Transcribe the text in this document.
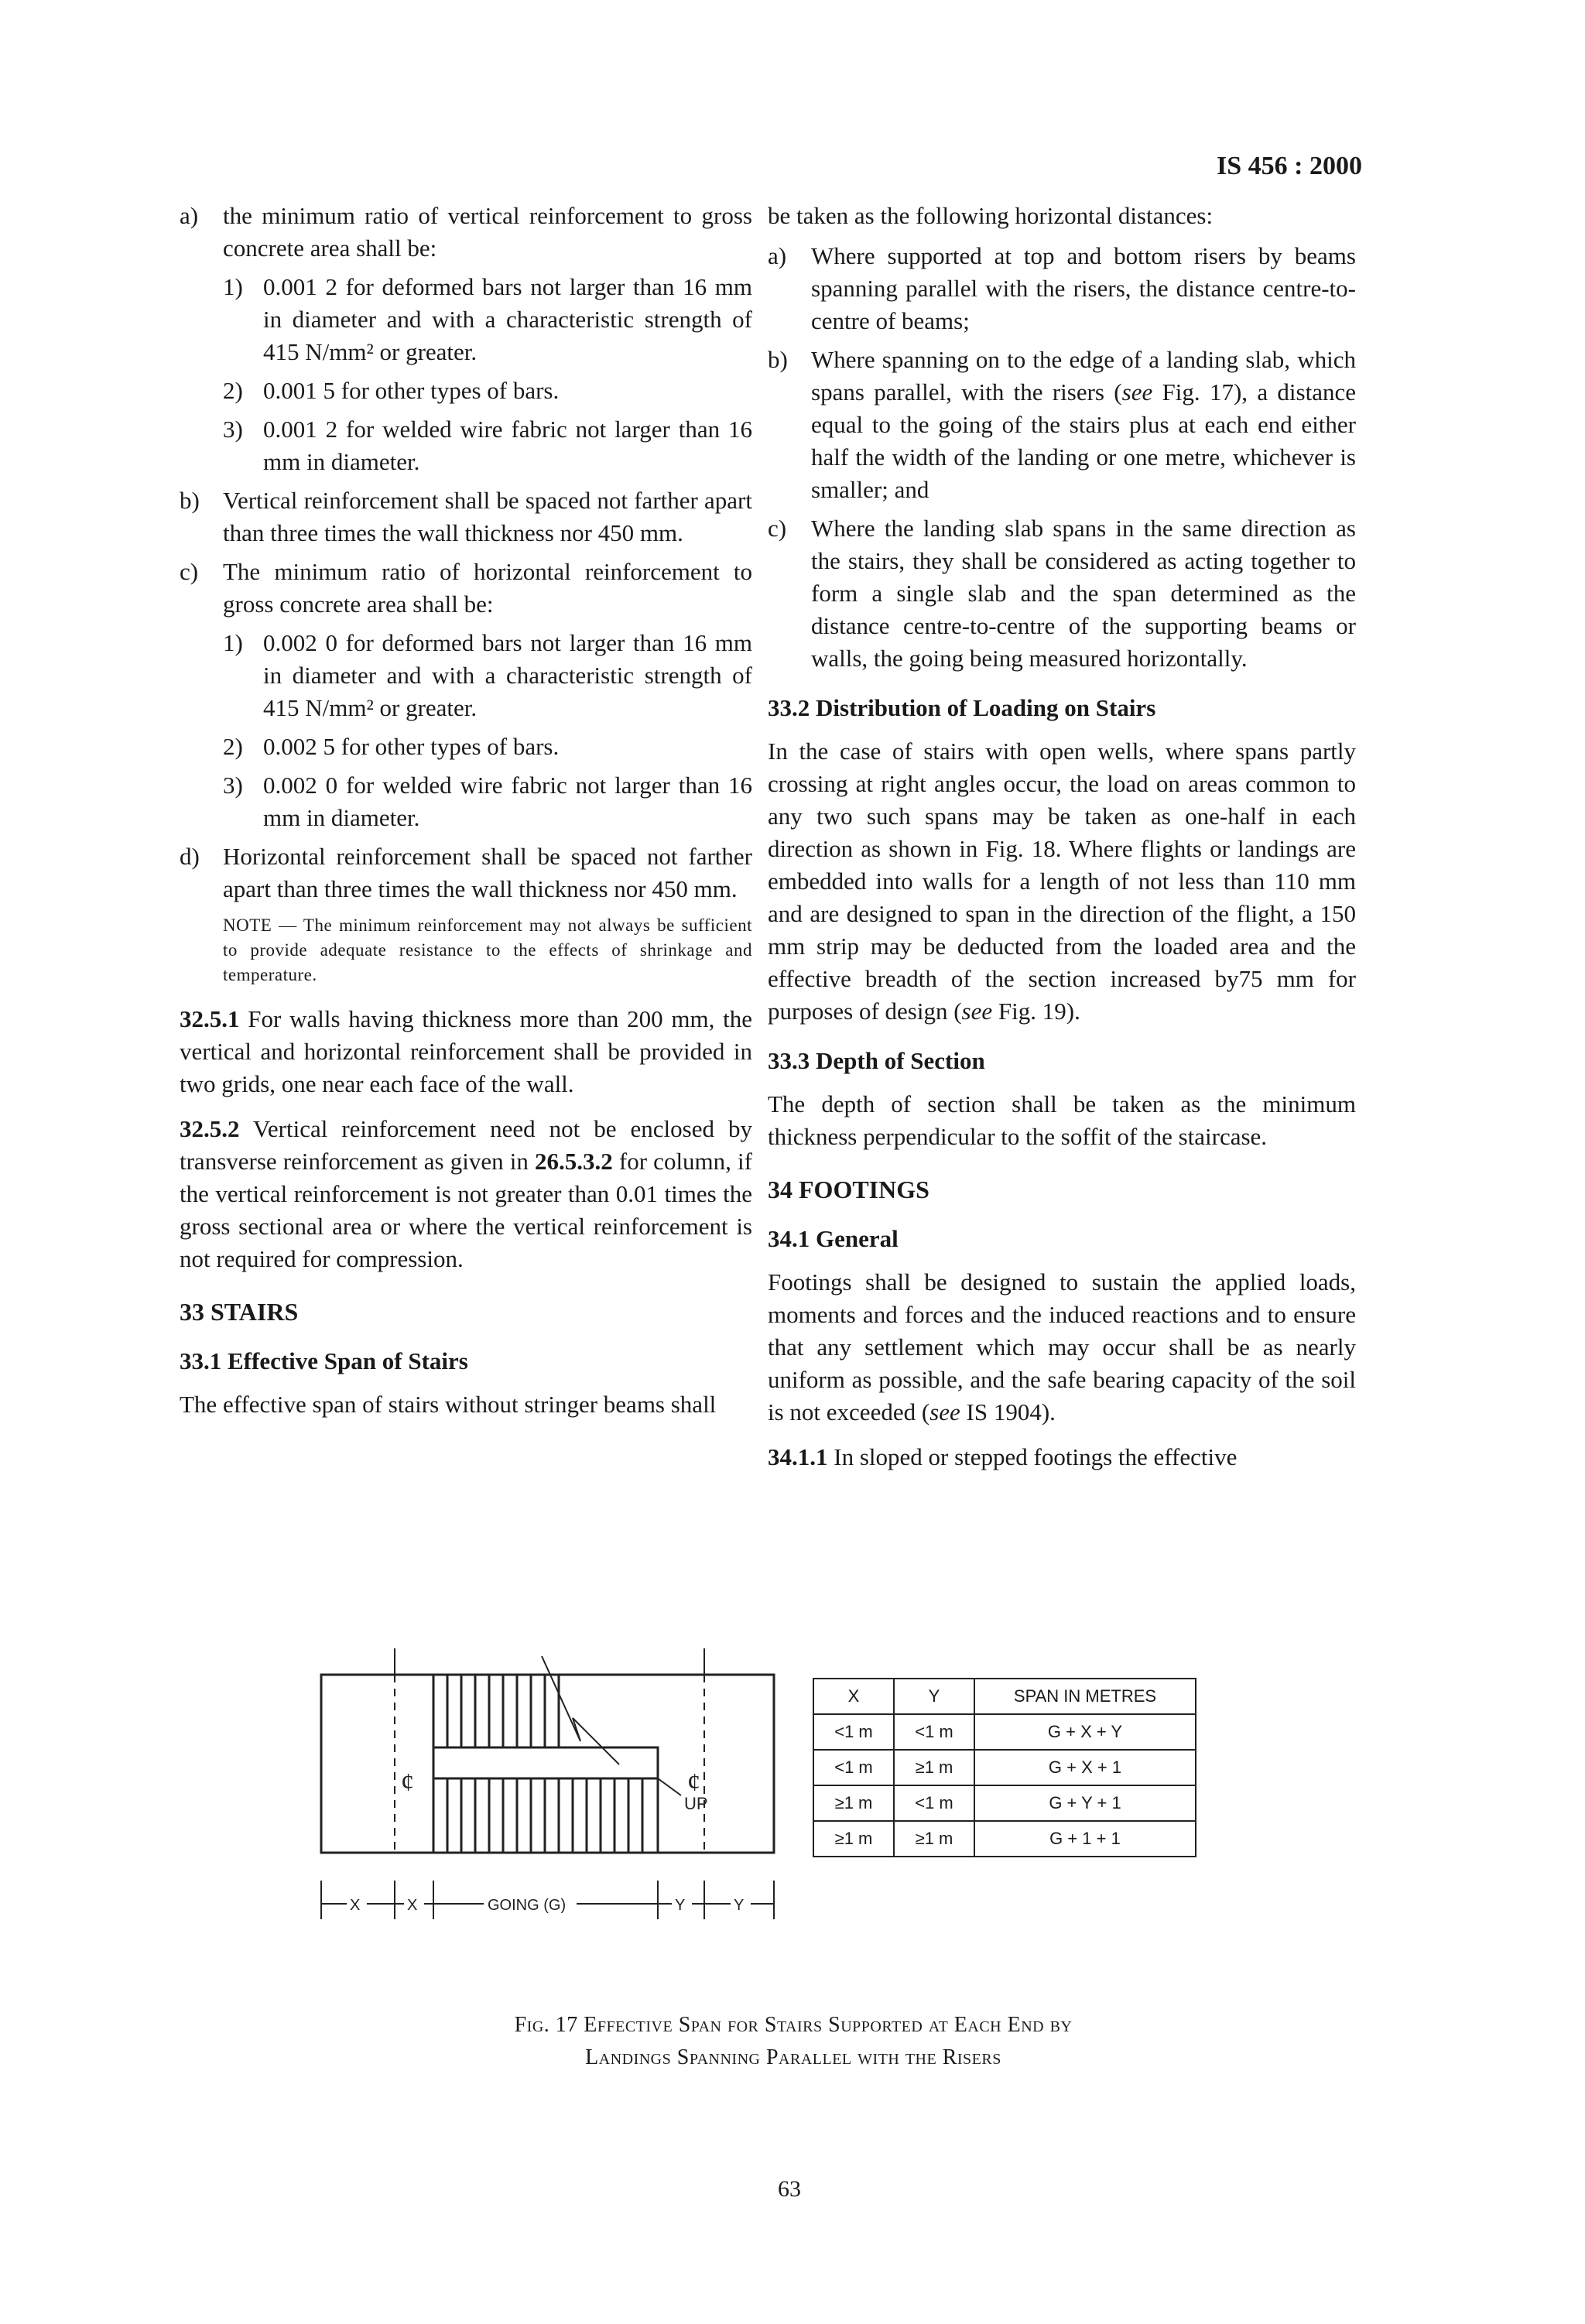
IS 456 : 2000
a)	the minimum ratio of vertical reinforcement to gross concrete area shall be:
1) 0.001 2 for deformed bars not larger than 16 mm in diameter and with a characteristic strength of 415 N/mm² or greater.
2) 0.001 5 for other types of bars.
3) 0.001 2 for welded wire fabric not larger than 16 mm in diameter.
b) Vertical reinforcement shall be spaced not farther apart than three times the wall thickness nor 450 mm.
c)	The minimum ratio of horizontal reinforcement to gross concrete area shall be:
1) 0.002 0 for deformed bars not larger than 16 mm in diameter and with a characteristic strength of 415 N/mm² or greater.
2) 0.002 5 for other types of bars.
3) 0.002 0 for welded wire fabric not larger than 16 mm in diameter.
d) Horizontal reinforcement shall be spaced not farther apart than three times the wall thickness nor 450 mm.
NOTE — The minimum reinforcement may not always be sufficient to provide adequate resistance to the effects of shrinkage and temperature.

32.5.1 For walls having thickness more than 200 mm, the vertical and horizontal reinforcement shall be provided in two grids, one near each face of the wall.

32.5.2 Vertical reinforcement need not be enclosed by transverse reinforcement as given in 26.5.3.2 for column, if the vertical reinforcement is not greater than 0.01 times the gross sectional area or where the vertical reinforcement is not required for compression.

33 STAIRS
33.1 Effective Span of Stairs

The effective span of stairs without stringer beams shall

be taken as the following horizontal distances:

a)	Where supported at top and bottom risers by beams spanning parallel with the risers, the distance centre-to-centre of beams;
b) Where spanning on to the edge of a landing slab, which spans parallel, with the risers (see Fig. 17), a distance equal to the going of the stairs plus at each end either half the width of the landing or one metre, whichever is smaller; and
c)	Where the landing slab spans in the same direction as the stairs, they shall be considered as acting together to form a single slab and the span determined as the distance centre-to-centre of the supporting beams or walls, the going being measured horizontally.
33.2 Distribution of Loading on Stairs

In the case of stairs with open wells, where spans partly crossing at right angles occur, the load on areas common to any two such spans may be taken as one-half in each direction as shown in Fig. 18. Where flights or landings are embedded into walls for a length of not less than 110 mm and are designed to span in the direction of the flight, a 150 mm strip may be deducted from the loaded area and the effective breadth of the section increased by75 mm for purposes of design (see Fig. 19).

33.3 Depth of Section

The depth of section shall be taken as the minimum thickness perpendicular to the soffit of the staircase.

34 FOOTINGS
34.1 General

Footings shall be designed to sustain the applied loads, moments and forces and the induced reactions and to ensure that any settlement which may occur shall be as nearly uniform as possible, and the safe bearing capacity of the soil is not exceeded (see IS 1904).

34.1.1 In sloped or stepped footings the effective

¢	¢
UP
X	X	GOING (G)	Y	Y
X	Y	SPAN IN METRES
<1 m	<1 m	G + X + Y
<1 m	≥1 m	G + X + 1
≥1 m	<1 m	G + Y + 1
≥1 m	≥1 m	G + 1 + 1
Fig. 17 Effective Span for Stairs Supported at Each End by
Landings Spanning Parallel with the Risers
63
